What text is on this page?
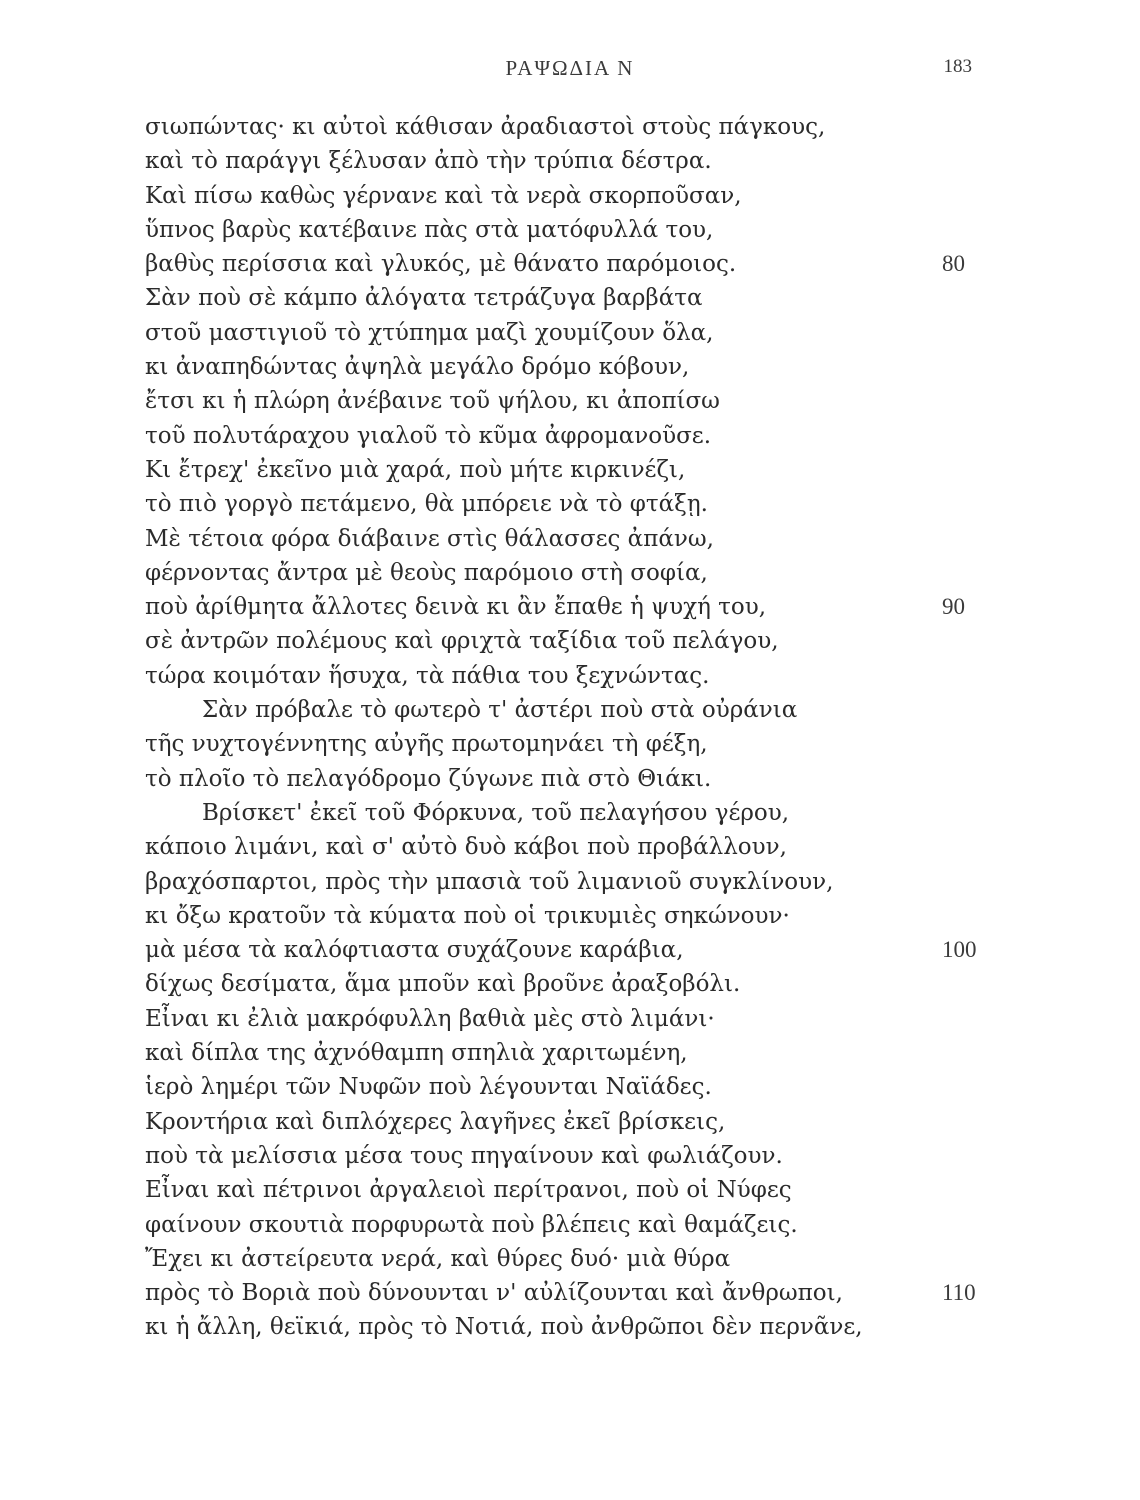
ΡΑΨΩΔΙΑ Ν	183
σιωπώντας· κι αὐτοὶ κάθισαν ἀραδιαστοὶ στοὺς πάγκους,
καὶ τὸ παράγγι ξέλυσαν ἀπὸ τὴν τρύπια δέστρα.
Καὶ πίσω καθὼς γέρνανε καὶ τὰ νερὰ σκορποῦσαν,
ὕπνος βαρὺς κατέβαινε πὰς στὰ ματόφυλλά του,
βαθὺς περίσσια καὶ γλυκός, μὲ θάνατο παρόμοιος.	80
Σὰν ποὺ σὲ κάμπο ἀλόγατα τετράζυγα βαρβάτα
στοῦ μαστιγιοῦ τὸ χτύπημα μαζὶ χουμίζουν ὅλα,
κι ἀναπηδώντας ἀψηλὰ μεγάλο δρόμο κόβουν,
ἔτσι κι ἡ πλώρη ἀνέβαινε τοῦ ψήλου, κι ἀποπίσω
τοῦ πολυτάραχου γιαλοῦ τὸ κῦμα ἀφρομανοῦσε.
Κι ἔτρεχ' ἐκεῖνο μιὰ χαρά, ποὺ μήτε κιρκινέζι,
τὸ πιὸ γοργὸ πετάμενο, θὰ μπόρειε νὰ τὸ φτάξῃ.
Μὲ τέτοια φόρα διάβαινε στὶς θάλασσες ἀπάνω,
φέρνοντας ἄντρα μὲ θεοὺς παρόμοιο στὴ σοφία,
ποὺ ἀρίθμητα ἄλλοτες δεινὰ κι ἂν ἔπαθε ἡ ψυχή του,	90
σὲ ἀντρῶν πολέμους καὶ φριχτὰ ταξίδια τοῦ πελάγου,
τώρα κοιμόταν ἥσυχα, τὰ πάθια του ξεχνώντας.
Σὰν πρόβαλε τὸ φωτερὸ τ' ἀστέρι ποὺ στὰ οὐράνια
τῆς νυχτογέννητης αὐγῆς πρωτομηνάει τὴ φέξη,
τὸ πλοῖο τὸ πελαγόδρομο ζύγωνε πιὰ στὸ Θιάκι.
Βρίσκετ' ἐκεῖ τοῦ Φόρκυνα, τοῦ πελαγήσου γέρου,
κάποιο λιμάνι, καὶ σ' αὐτὸ δυὸ κάβοι ποὺ προβάλλουν,
βραχόσπαρτοι, πρὸς τὴν μπασιὰ τοῦ λιμανιοῦ συγκλίνουν,
κι ὄξω κρατοῦν τὰ κύματα ποὺ οἱ τρικυμιὲς σηκώνουν·
μὰ μέσα τὰ καλόφτιαστα συχάζουνε καράβια,	100
δίχως δεσίματα, ἅμα μποῦν καὶ βροῦνε ἀραξοβόλι.
Εἶναι κι ἐλιὰ μακρόφυλλη βαθιὰ μὲς στὸ λιμάνι·
καὶ δίπλα της ἀχνόθαμπη σπηλιὰ χαριτωμένη,
ἱερὸ λημέρι τῶν Νυφῶν ποὺ λέγουνται Ναϊάδες.
Κροντήρια καὶ διπλόχερες λαγῆνες ἐκεῖ βρίσκεις,
ποὺ τὰ μελίσσια μέσα τους πηγαίνουν καὶ φωλιάζουν.
Εἶναι καὶ πέτρινοι ἀργαλειοὶ περίτρανοι, ποὺ οἱ Νύφες
φαίνουν σκουτιὰ πορφυρωτὰ ποὺ βλέπεις καὶ θαμάζεις.
Ἔχει κι ἀστείρευτα νερά, καὶ θύρες δυό· μιὰ θύρα
πρὸς τὸ Βοριὰ ποὺ δύνουνται ν' αὐλίζουνται καὶ ἄνθρωποι,	110
κι ἡ ἄλλη, θεϊκιά, πρὸς τὸ Νοτιά, ποὺ ἀνθρῶποι δὲν περνᾶνε,
